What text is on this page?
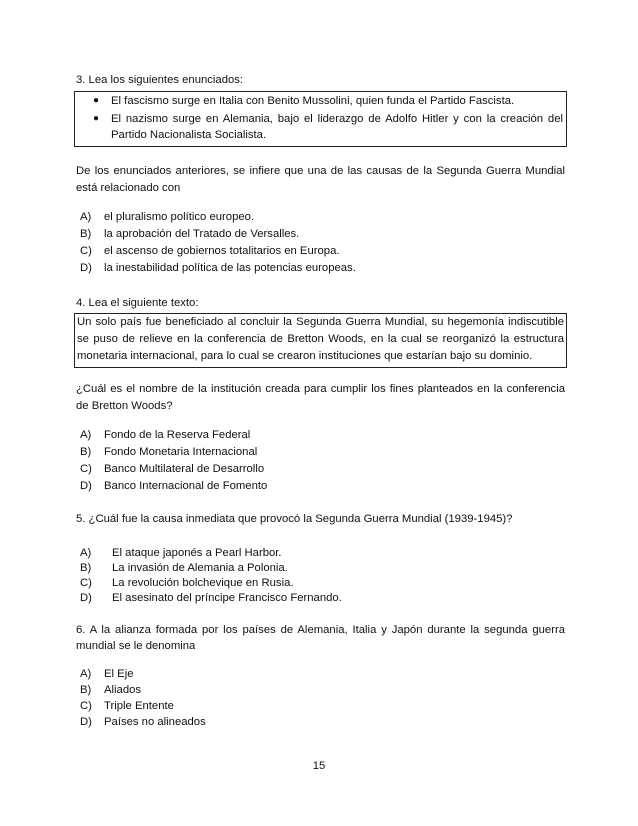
3. Lea los siguientes enunciados:
● El fascismo surge en Italia con Benito Mussolini, quien funda el Partido Fascista.
● El nazismo surge en Alemania, bajo el liderazgo de Adolfo Hitler y con la creación del
Partido Nacionalista Socialista.
De los enunciados anteriores, se infiere que una de las causas de la Segunda Guerra Mundial
está relacionado con
A) el pluralismo político europeo.
B) la aprobación del Tratado de Versalles.
C) el ascenso de gobiernos totalitarios en Europa.
D) la inestabilidad política de las potencias europeas.
4. Lea el siguiente texto:
Un solo país fue beneficiado al concluir la Segunda Guerra Mundial, su hegemonía indiscutible
se puso de relieve en la conferencia de Bretton Woods, en la cual se reorganizó la estructura
monetaria internacional, para lo cual se crearon instituciones que estarían bajo su dominio.
¿Cuál es el nombre de la institución creada para cumplir los fines planteados en la conferencia
de Bretton Woods?
A) Fondo de la Reserva Federal
B) Fondo Monetaria Internacional
C) Banco Multilateral de Desarrollo
D) Banco Internacional de Fomento
5. ¿Cuál fue la causa inmediata que provocó la Segunda Guerra Mundial (1939-1945)?
A) El ataque japonés a Pearl Harbor.
B) La invasión de Alemania a Polonia.
C) La revolución bolchevique en Rusia.
D) El asesinato del príncipe Francisco Fernando.
6. A la alianza formada por los países de Alemania, Italia y Japón durante la segunda guerra
mundial se le denomina
A) El Eje
B) Aliados
C) Triple Entente
D) Países no alineados
15
